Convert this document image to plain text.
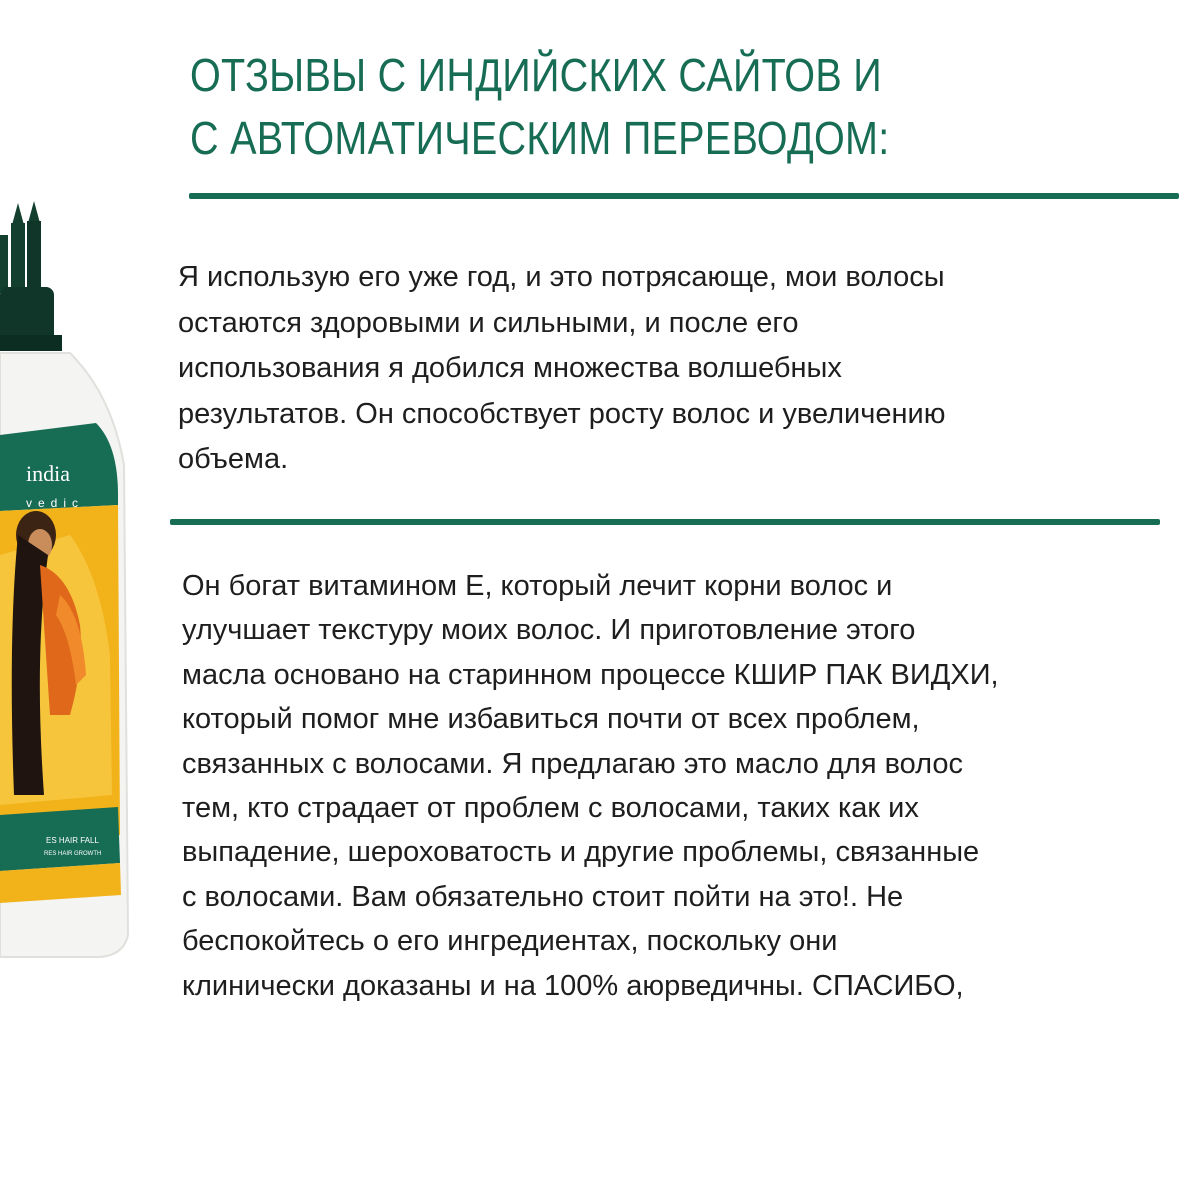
india
vedic
ES HAIR FALL
RES HAIR GROWTH
ОТЗЫВЫ С ИНДИЙСКИХ САЙТОВ И
С АВТОМАТИЧЕСКИМ ПЕРЕВОДОМ:

Я использую его уже год, и это потрясающе, мои волосы
остаются здоровыми и сильными, и после его
использования я добился множества волшебных
результатов. Он способствует росту волос и увеличению
объема.

Он богат витамином Е, который лечит корни волос и
улучшает текстуру моих волос. И приготовление этого
масла основано на старинном процессе КШИР ПАК ВИДХИ,
который помог мне избавиться почти от всех проблем,
связанных с волосами. Я предлагаю это масло для волос
тем, кто страдает от проблем с волосами, таких как их
выпадение, шероховатость и другие проблемы, связанные
с волосами. Вам обязательно стоит пойти на это!. Не
беспокойтесь о его ингредиентах, поскольку они
клинически доказаны и на 100% аюрведичны. СПАСИБО,
